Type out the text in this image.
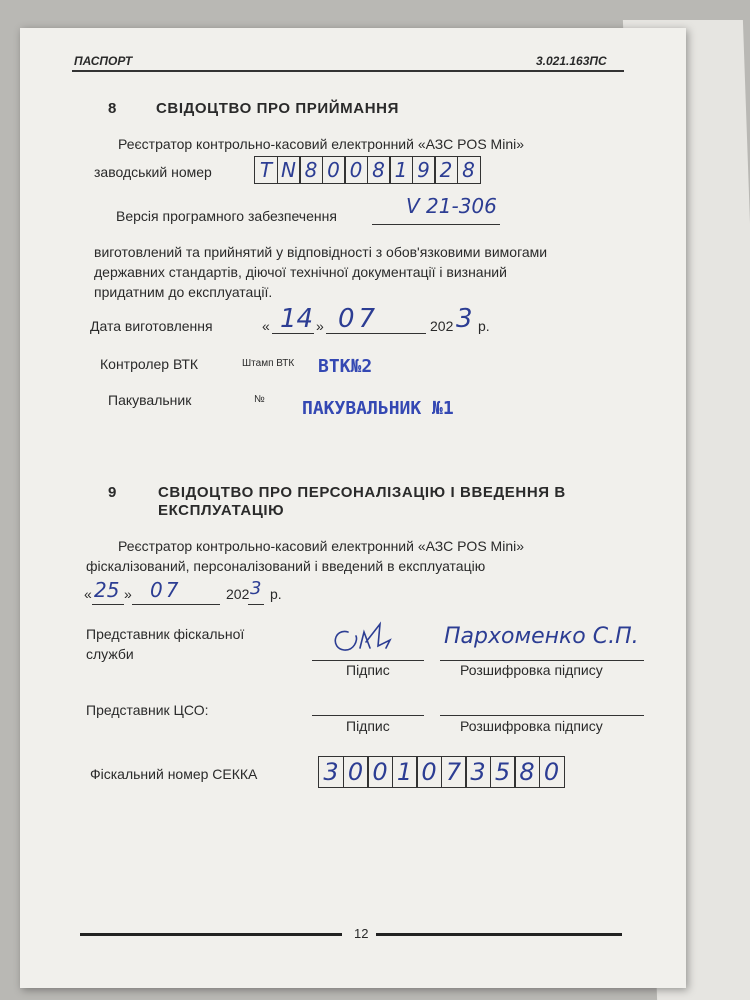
ПАСПОРТ	3.021.163ПС
8	СВІДОЦТВО ПРО ПРИЙМАННЯ
Реєстратор контрольно-касовий електронний «АЗС POS Mini»
заводський номер T N 8 0 0 8 1 9 2 8
Версія програмного забезпечення	V 21-306
виготовлений та прийнятий у відповідності з обов'язковими вимогами
державних стандартів, діючої технічної документації і визнаний
придатним до експлуатації.
Дата виготовлення	« 14 » 07	202 3 р.
Контролер ВТК	Штамп ВТК ВТК№2
Пакувальник	№ ПАКУВАЛЬНИК №1
9	СВІДОЦТВО ПРО ПЕРСОНАЛІЗАЦІЮ І ВВЕДЕННЯ В
ЕКСПЛУАТАЦІЮ
Реєстратор контрольно-касовий електронний «АЗС POS Mini»
фіскалізований, персоналізований і введений в експлуатацію
« 25 » 07	202 3 р.
Представник фіскальної
служби
Пархоменко С.П.
Підпис	Розшифровка підпису
Представник ЦСО:
Підпис	Розшифровка підпису
Фіскальний номер СЕККА	3 0 0 1 0 7 3 5 8 0
12
